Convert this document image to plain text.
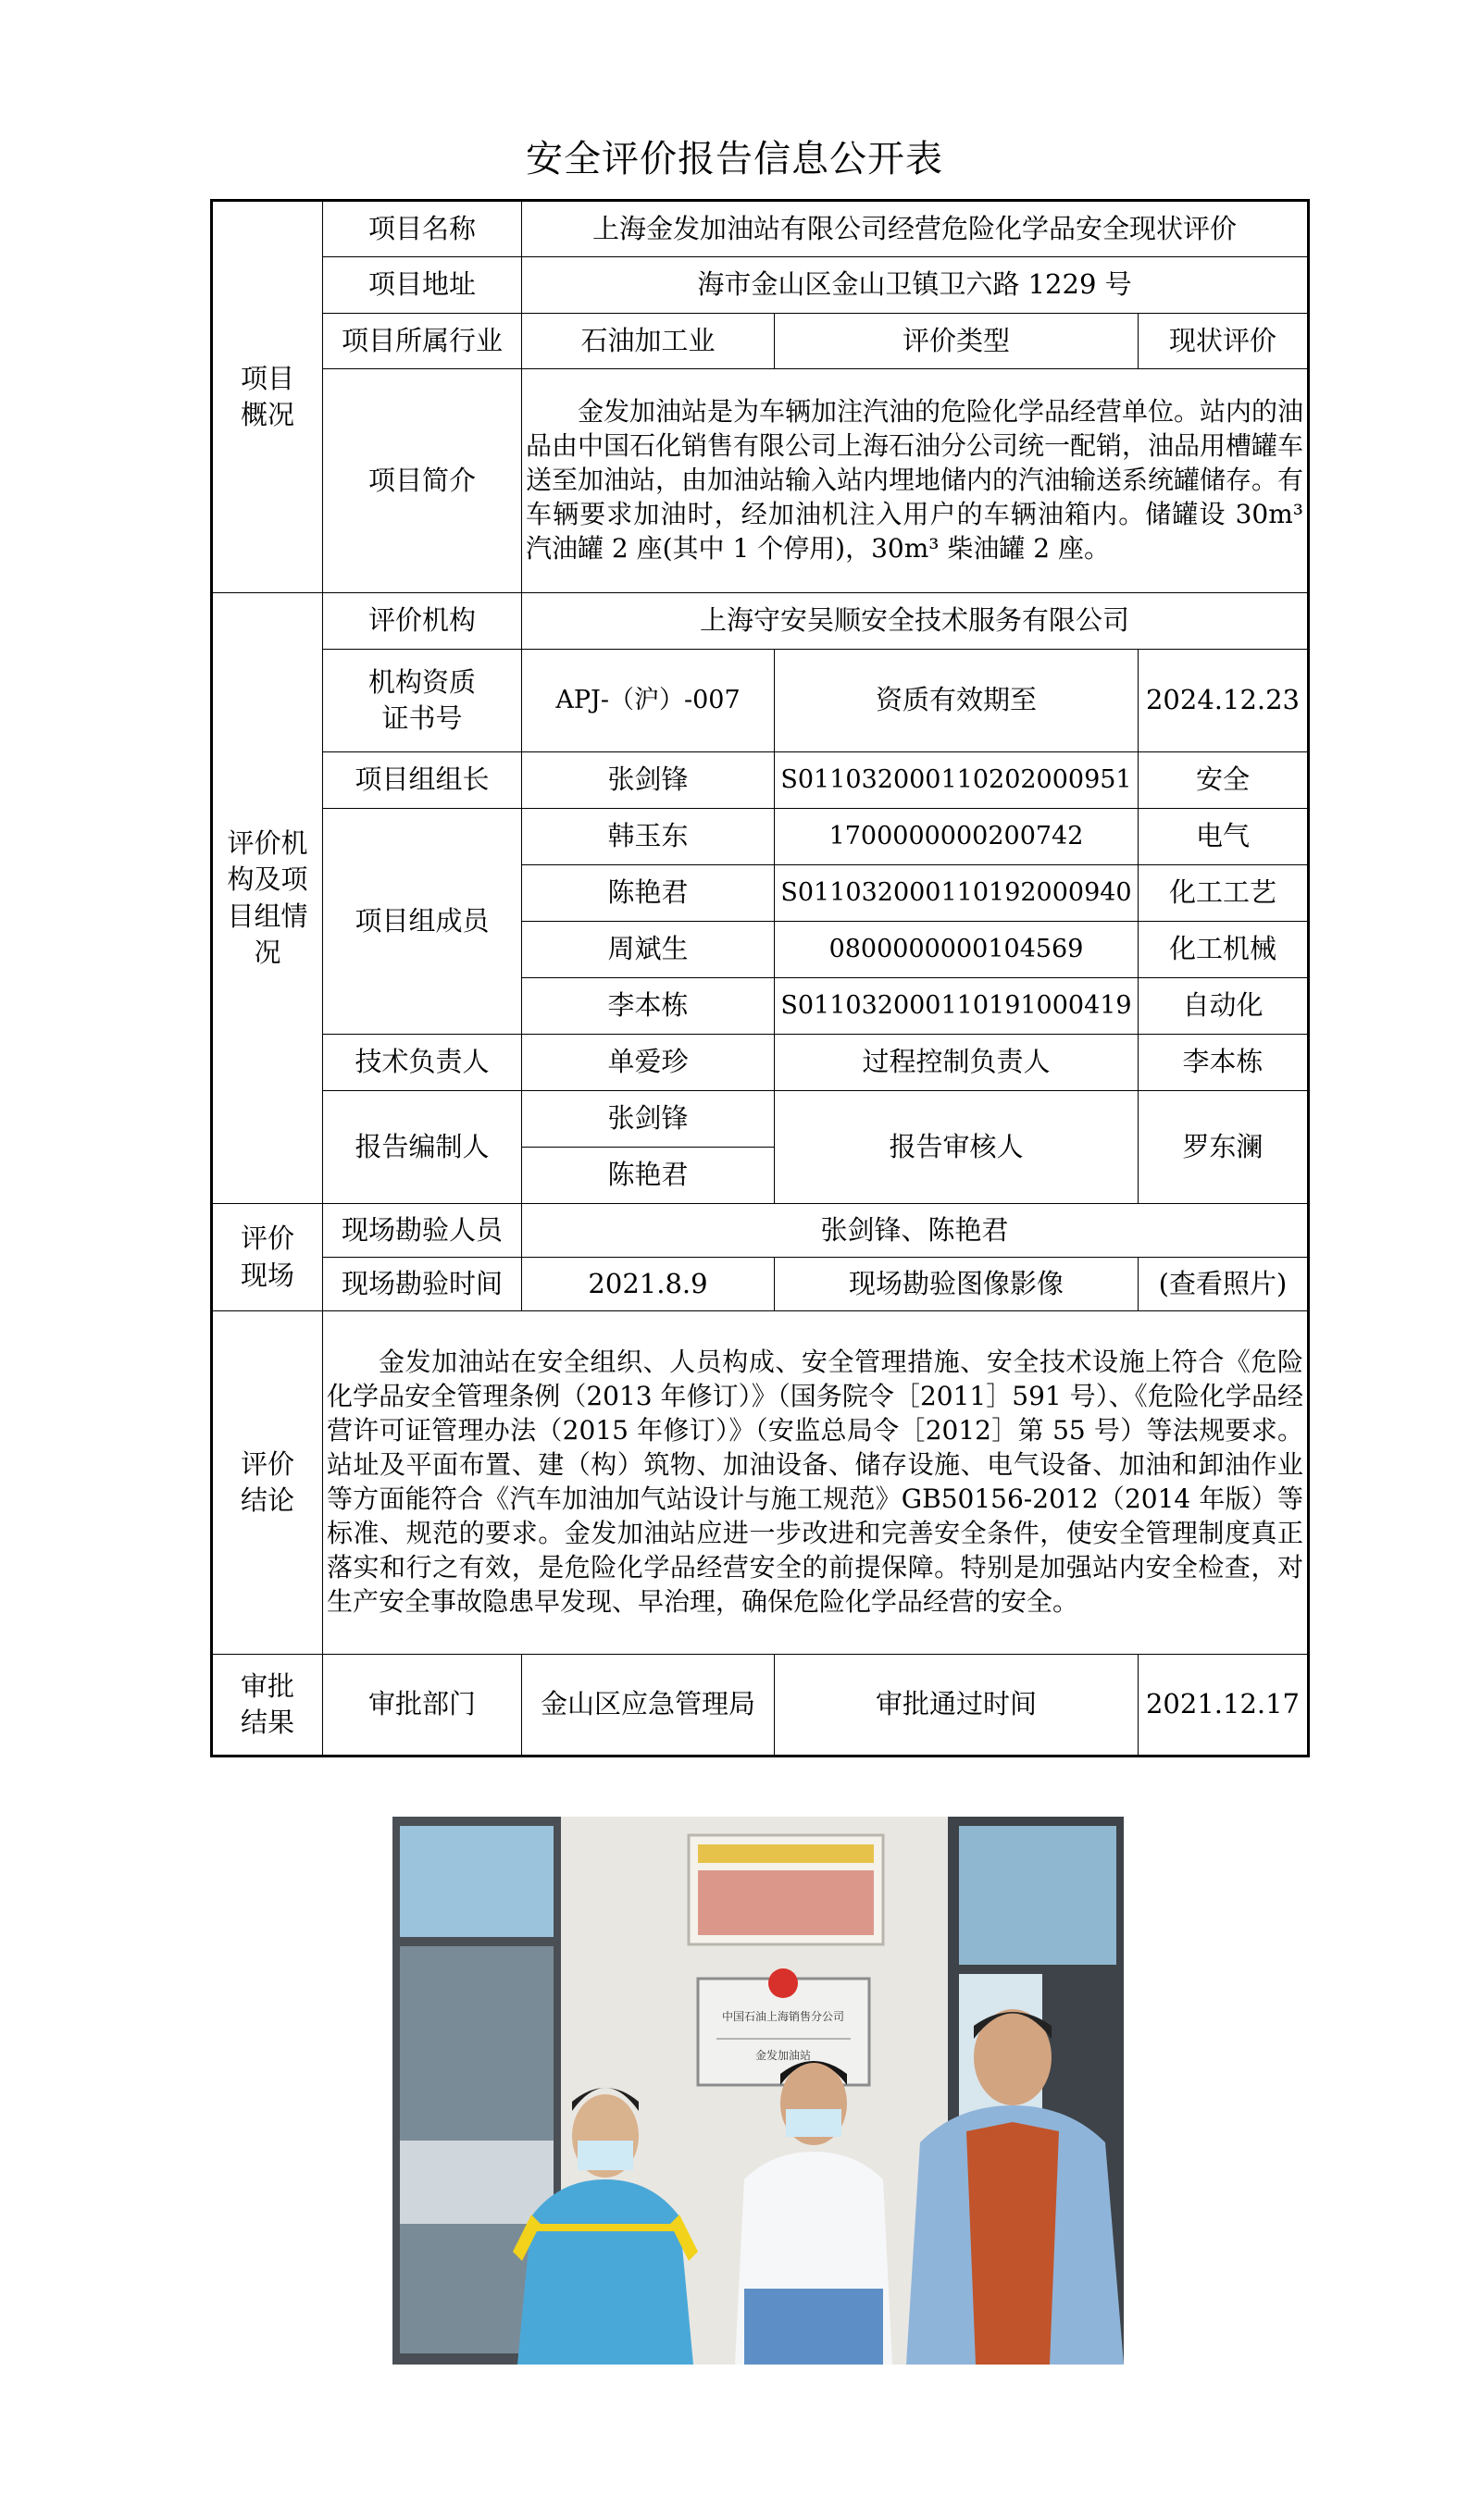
安全评价报告信息公开表
项目
概况	项目名称	上海金发加油站有限公司经营危险化学品安全现状评价		
	项目地址	海市金山区金山卫镇卫六路 1229 号		
	项目所属行业	石油加工业	评价类型	现状评价
	项目简介	金发加油站是为车辆加注汽油的危险化学品经营单位。站内的油品由中国石化销售有限公司上海石油分公司统一配销，油品用槽罐车送至加油站，由加油站输入站内埋地储内的汽油输送系统罐储存。有车辆要求加油时，经加油机注入用户的车辆油箱内。储罐设 30m³ 汽油罐 2 座(其中 1 个停用)，30m³ 柴油罐 2 座。		

评价机
构及项
目组情
况	评价机构	上海守安吴顺安全技术服务有限公司		
	机构资质
证书号	APJ-（沪）-007	资质有效期至	2024.12.23
	项目组组长	张剑锋	S011032000110202000951	安全
	项目组成员	韩玉东	1700000000200742	电气
		陈艳君	S011032000110192000940	化工工艺
		周斌生	0800000000104569	化工机械
		李本栋	S011032000110191000419	自动化
	技术负责人	单爱珍	过程控制负责人	李本栋
	报告编制人	张剑锋	报告审核人	罗东澜
		陈艳君		
评价
现场	现场勘验人员	张剑锋、陈艳君		
	现场勘验时间	2021.8.9	现场勘验图像影像	(查看照片)
评价
结论	金发加油站在安全组织、人员构成、安全管理措施、安全技术设施上符合《危险化学品安全管理条例（2013 年修订）》（国务院令［2011］591 号）、《危险化学品经营许可证管理办法（2015 年修订）》（安监总局令［2012］第 55 号）等法规要求。站址及平面布置、建（构）筑物、加油设备、储存设施、电气设备、加油和卸油作业等方面能符合《汽车加油加气站设计与施工规范》GB50156-2012（2014 年版）等标准、规范的要求。金发加油站应进一步改进和完善安全条件，使安全管理制度真正落实和行之有效，是危险化学品经营安全的前提保障。特别是加强站内安全检查，对生产安全事故隐患早发现、早治理，确保危险化学品经营的安全。			

审批
结果	审批部门	金山区应急管理局	审批通过时间	2021.12.17
中国石油上海销售分公司
金发加油站
